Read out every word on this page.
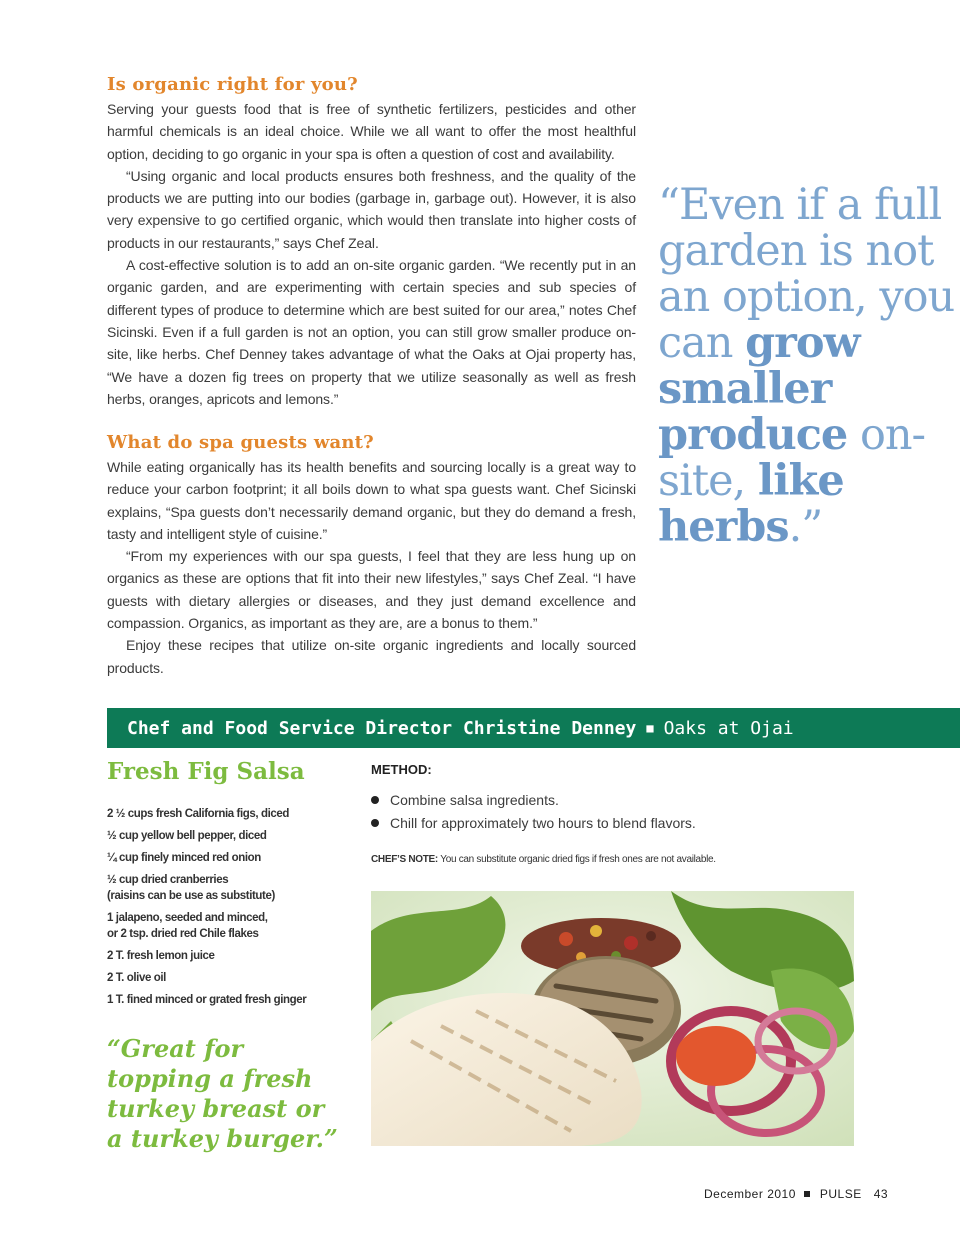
Is organic right for you?

Serving your guests food that is free of synthetic fertilizers, pesticides and other harmful chemicals is an ideal choice. While we all want to offer the most healthful option, deciding to go organic in your spa is often a question of cost and availability.

“Using organic and local products ensures both freshness, and the quality of the products we are putting into our bodies (garbage in, garbage out). However, it is also very expensive to go certified organic, which would then translate into higher costs of products in our restaurants,” says Chef Zeal.

A cost-effective solution is to add an on-site organic garden. “We recently put in an organic garden, and are experimenting with certain species and sub species of different types of produce to determine which are best suited for our area,” notes Chef Sicinski. Even if a full garden is not an option, you can still grow smaller produce on-site, like herbs. Chef Denney takes advantage of what the Oaks at Ojai property has, “We have a dozen fig trees on property that we utilize seasonally as well as fresh herbs, oranges, apricots and lemons.”

What do spa guests want?

While eating organically has its health benefits and sourcing locally is a great way to reduce your carbon footprint; it all boils down to what spa guests want. Chef Sicinski explains, “Spa guests don’t necessarily demand organic, but they do demand a fresh, tasty and intelligent style of cuisine.”

“From my experiences with our spa guests, I feel that they are less hung up on organics as these are options that fit into their new lifestyles,” says Chef Zeal. “I have guests with dietary allergies or diseases, and they just demand excellence and compassion. Organics, as important as they are, are a bonus to them.”

Enjoy these recipes that utilize on-site organic ingredients and locally sourced products.

“Even if a full garden is not an option, you can grow smaller produce on-site, like herbs.”
Chef and Food Service Director Christine Denney ■ Oaks at Ojai
Fresh Fig Salsa
2 ½ cups fresh California figs, diced
½ cup yellow bell pepper, diced
¼ cup finely minced red onion
½ cup dried cranberries
(raisins can be use as substitute)
1 jalapeno, seeded and minced,
or 2 tsp. dried red Chile flakes
2 T. fresh lemon juice
2 T. olive oil
1 T. fined minced or grated fresh ginger
“Great for topping a fresh turkey breast or a turkey burger.”
METHOD:
Combine salsa ingredients.
Chill for approximately two hours to blend flavors.
CHEF’S NOTE: You can substitute organic dried figs if fresh ones are not available.
December 2010 PULSE 43
